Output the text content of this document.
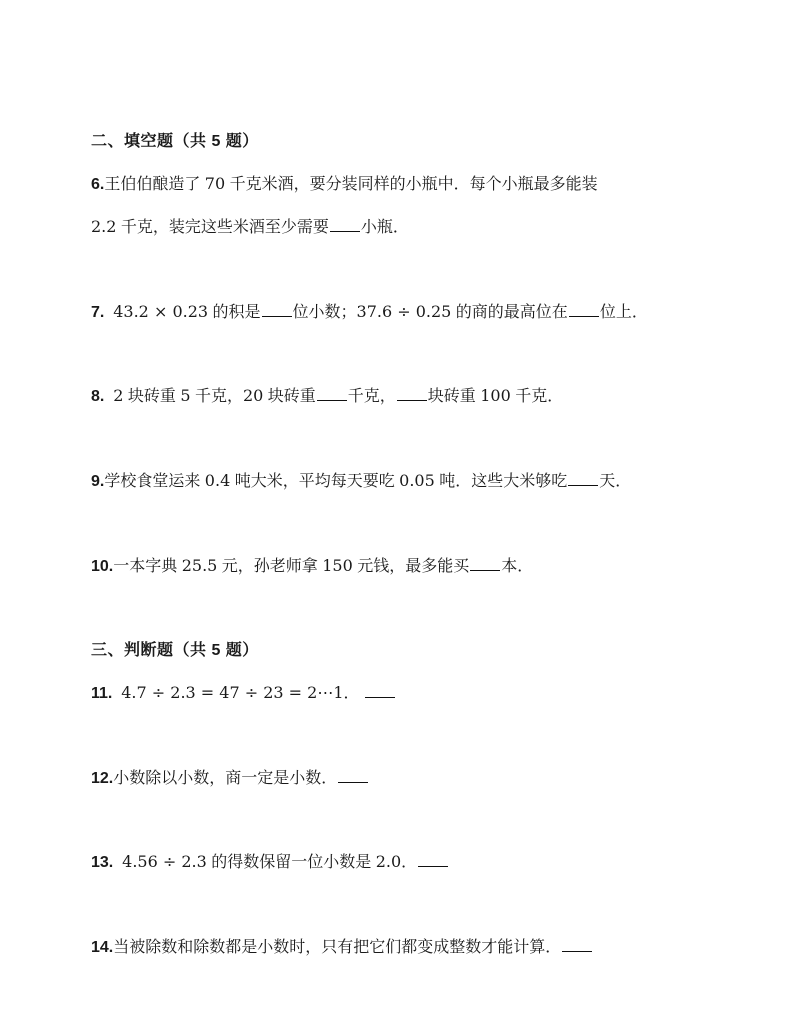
二、填空题（共 5 题）
6.王伯伯酿造了 70 千克米酒，要分装同样的小瓶中．每个小瓶最多能装
2.2 千克，装完这些米酒至少需要 小瓶．
7. 43.2 × 0.23 的积是 位小数；37.6 ÷ 0.25 的商的最高位在 位上．
8. 2 块砖重 5 千克，20 块砖重 千克， 块砖重 100 千克．
9.学校食堂运来 0.4 吨大米，平均每天要吃 0.05 吨．这些大米够吃 天．
10.一本字典 25.5 元，孙老师拿 150 元钱，最多能买 本．
三、判断题（共 5 题）
11. 4.7 ÷ 2.3 = 47 ÷ 23 = 2⋯1．
12.小数除以小数，商一定是小数．
13. 4.56 ÷ 2.3 的得数保留一位小数是 2.0．
14.当被除数和除数都是小数时，只有把它们都变成整数才能计算．
